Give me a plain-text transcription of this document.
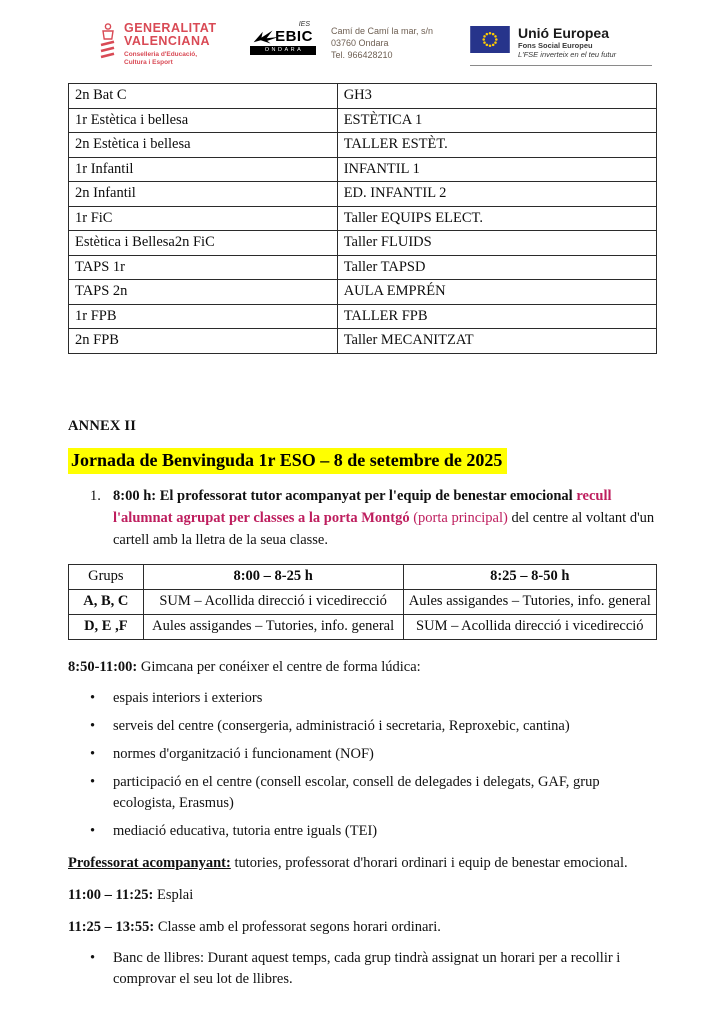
GENERALITAT
VALENCIANA
Conselleria d'Educació,
Cultura i Esport
IES
EBIC
ONDARA
Camí de Camí la mar, s/n
03760 Ondara
Tel. 966428210
Unió Europea
Fons Social Europeu
L'FSE inverteix en el teu futur
2n Bat C	GH3
1r Estètica i bellesa	ESTÈTICA 1
2n Estètica i bellesa	TALLER ESTÈT.
1r Infantil	INFANTIL 1
2n Infantil	ED. INFANTIL 2
1r FiC	Taller EQUIPS ELECT.
Estètica i Bellesa2n FiC	Taller FLUIDS
TAPS 1r	Taller TAPSD
TAPS 2n	AULA EMPRÉN
1r FPB	TALLER FPB
2n FPB	Taller MECANITZAT
ANNEX II
Jornada de Benvinguda 1r ESO – 8 de setembre de 2025
1. 8:00 h: El professorat tutor acompanyat per l'equip de benestar emocional recull l'alumnat agrupat per classes a la porta Montgó (porta principal) del centre al voltant d'un cartell amb la lletra de la seua classe.
Grups	8:00 – 8-25 h	8:25 – 8-50 h
A, B, C	SUM – Acollida direcció i vicedirecció	Aules assigandes – Tutories, info. general
D, E ,F	Aules assigandes – Tutories, info. general	SUM – Acollida direcció i vicedirecció

8:50-11:00: Gimcana per conéixer el centre de forma lúdica:

• espais interiors i exteriors
• serveis del centre (consergeria, administració i secretaria, Reproxebic, cantina)
• normes d'organització i funcionament (NOF)
• participació en el centre (consell escolar, consell de delegades i delegats, GAF, grup ecologista, Erasmus)
• mediació educativa, tutoria entre iguals (TEI)

Professorat acompanyant: tutories, professorat d'horari ordinari i equip de benestar emocional.

11:00 – 11:25: Esplai

11:25 – 13:55: Classe amb el professorat segons horari ordinari.

• Banc de llibres: Durant aquest temps, cada grup tindrà assignat un horari per a recollir i comprovar el seu lot de llibres.
